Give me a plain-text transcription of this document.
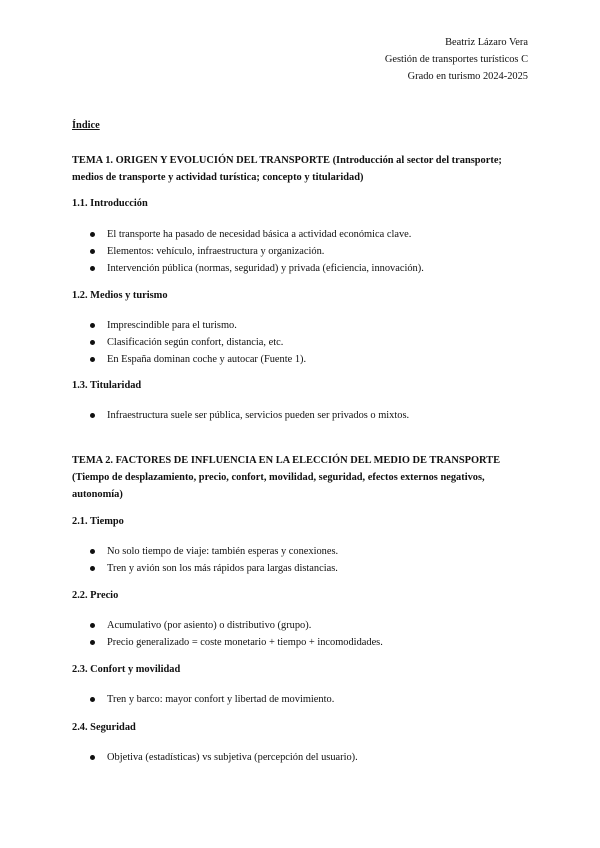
Beatriz Lázaro Vera
Gestión de transportes turísticos C
Grado en turismo 2024-2025
Índice
TEMA 1. ORIGEN Y EVOLUCIÓN DEL TRANSPORTE (Introducción al sector del transporte; medios de transporte y actividad turística; concepto y titularidad)
1.1. Introducción
El transporte ha pasado de necesidad básica a actividad económica clave.
Elementos: vehículo, infraestructura y organización.
Intervención pública (normas, seguridad) y privada (eficiencia, innovación).
1.2. Medios y turismo
Imprescindible para el turismo.
Clasificación según confort, distancia, etc.
En España dominan coche y autocar (Fuente 1).
1.3. Titularidad
Infraestructura suele ser pública, servicios pueden ser privados o mixtos.
TEMA 2. FACTORES DE INFLUENCIA EN LA ELECCIÓN DEL MEDIO DE TRANSPORTE (Tiempo de desplazamiento, precio, confort, movilidad, seguridad, efectos externos negativos, autonomía)
2.1. Tiempo
No solo tiempo de viaje: también esperas y conexiones.
Tren y avión son los más rápidos para largas distancias.
2.2. Precio
Acumulativo (por asiento) o distributivo (grupo).
Precio generalizado = coste monetario + tiempo + incomodidades.
2.3. Confort y movilidad
Tren y barco: mayor confort y libertad de movimiento.
2.4. Seguridad
Objetiva (estadísticas) vs subjetiva (percepción del usuario).
